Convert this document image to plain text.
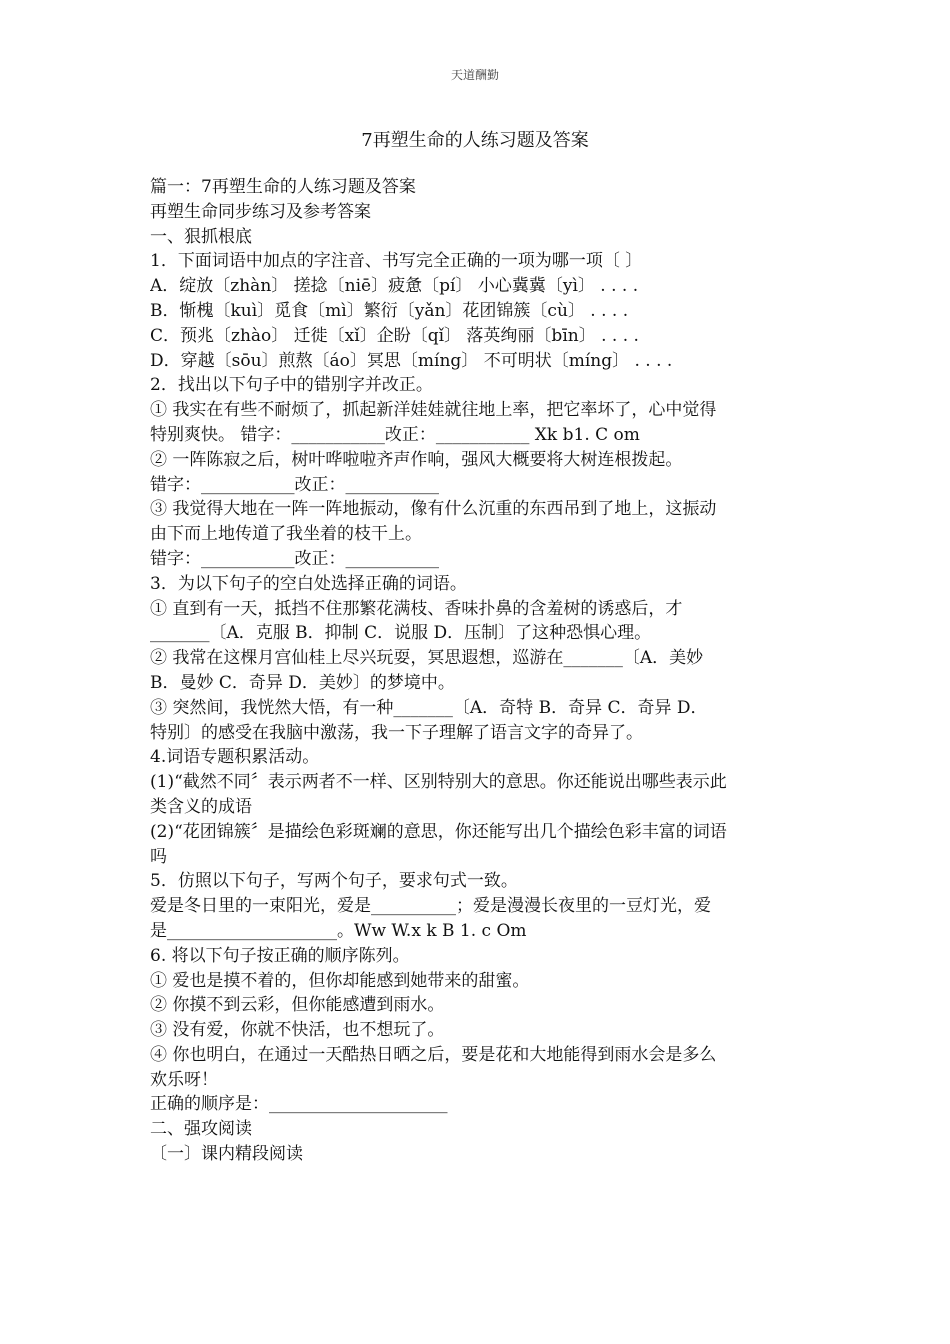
天道酬勤
7再塑生命的人练习题及答案
篇一：7再塑生命的人练习题及答案
再塑生命同步练习及参考答案
一、狠抓根底
1．下面词语中加点的字注音、书写完全正确的一项为哪一项〔 〕
A．绽放〔zhàn〕 搓捻〔niē〕疲惫〔pí〕 小心冀冀〔yì〕 . . . .
B．惭槐〔kuì〕觅食〔mì〕繁衍〔yǎn〕花团锦簇〔cù〕 . . . .
C．预兆〔zhào〕 迁徙〔xǐ〕企盼〔qǐ〕 落英绚丽〔bīn〕 . . . .
D．穿越〔sōu〕煎熬〔áo〕冥思〔míng〕 不可明状〔míng〕 . . . .
2．找出以下句子中的错别字并改正。
① 我实在有些不耐烦了，抓起新洋娃娃就往地上率，把它率坏了，心中觉得
特别爽快。 错字：___________改正：___________ Xk b1. C om
② 一阵陈寂之后，树叶哗啦啦齐声作响，强风大概要将大树连根拨起。
错字：___________改正：___________
③ 我觉得大地在一阵一阵地振动，像有什么沉重的东西吊到了地上，这振动
由下而上地传道了我坐着的枝干上。
错字：___________改正：___________
3．为以下句子的空白处选择正确的词语。
① 直到有一天，抵挡不住那繁花满枝、香味扑鼻的含羞树的诱惑后，才
_______〔A．克服 B．抑制 C．说服 D．压制〕了这种恐惧心理。
② 我常在这棵月宫仙桂上尽兴玩耍，冥思遐想，巡游在_______〔A．美妙
B．曼妙 C．奇异 D．美妙〕的梦境中。
③ 突然间，我恍然大悟，有一种_______〔A．奇特 B．奇异 C．奇异 D．
特别〕的感受在我脑中激荡，我一下子理解了语言文字的奇异了。
4.词语专题积累活动。
(1)“截然不同〞表示两者不一样、区别特别大的意思。你还能说出哪些表示此
类含义的成语
(2)“花团锦簇〞是描绘色彩斑斓的意思，你还能写出几个描绘色彩丰富的词语
吗
5．仿照以下句子，写两个句子，要求句式一致。
爱是冬日里的一束阳光，爱是__________；爱是漫漫长夜里的一豆灯光，爱
是____________________。Ww W.x k B 1. c Om
6. 将以下句子按正确的顺序陈列。
① 爱也是摸不着的，但你却能感到她带来的甜蜜。
② 你摸不到云彩，但你能感遭到雨水。
③ 没有爱，你就不快活，也不想玩了。
④ 你也明白，在通过一天酷热日晒之后，要是花和大地能得到雨水会是多么
欢乐呀！
正确的顺序是：_____________________
二、强攻阅读
〔一〕课内精段阅读
